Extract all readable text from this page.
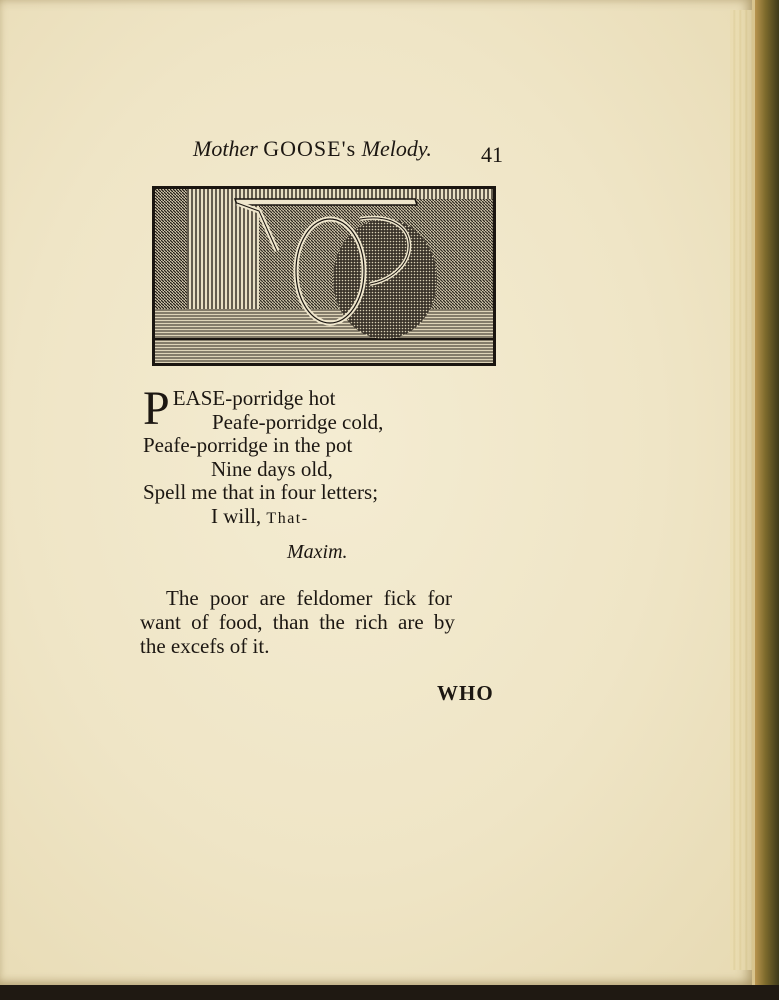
Mother GOOSE's Melody. 41
P EASE-porridge hot
Peafe-porridge cold,
Peafe-porridge in the pot
Nine days old,
Spell me that in four letters;
I will, That-
Maxim.
The poor are feldomer fick for
want of food, than the rich are by
the excefs of it.
WHO
